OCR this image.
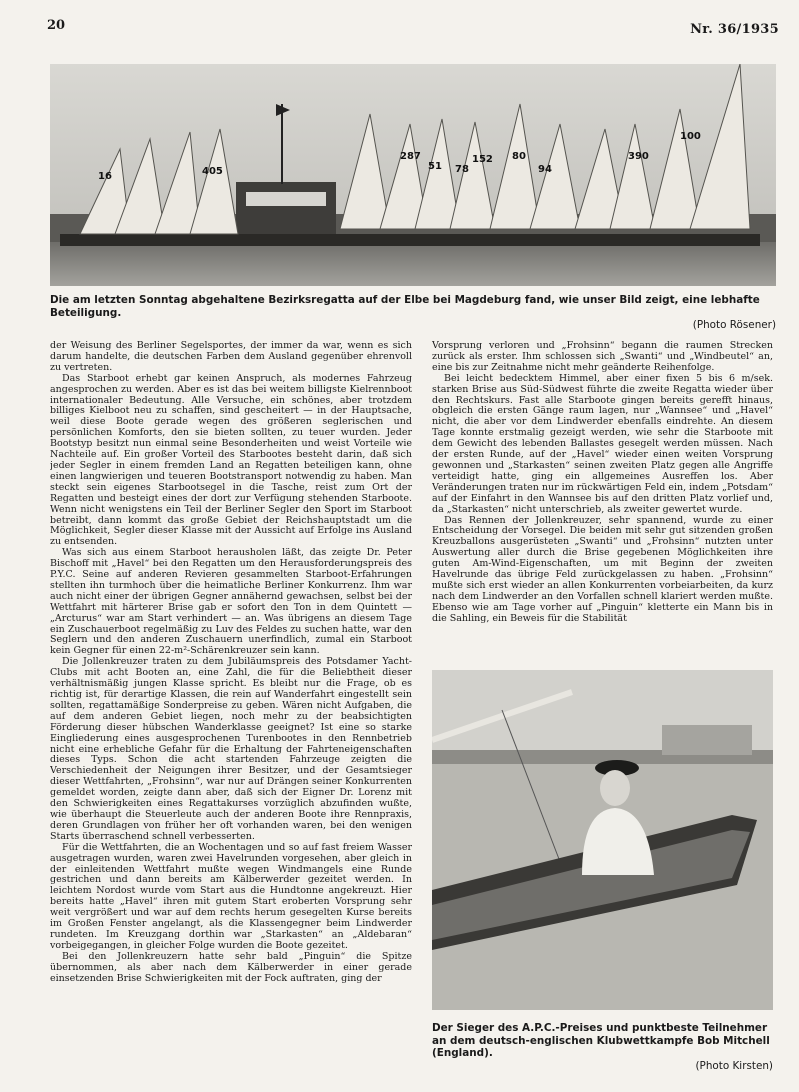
20	Nr. 36/1935
16	405
287
51 78
152 80
94
390
100

Die am letzten Sonntag abgehaltene Bezirksregatta auf der Elbe bei Magdeburg fand, wie unser Bild zeigt, eine lebhafte Beteiligung.
(Photo Rösener)

der Weisung des Berliner Segelsportes, der immer da war, wenn es sich darum handelte, die deutschen Farben dem Ausland gegenüber ehrenvoll zu vertreten.

Das Starboot erhebt gar keinen Anspruch, als modernes Fahrzeug angesprochen zu werden. Aber es ist das bei weitem billigste Kielrennboot internationaler Bedeutung. Alle Versuche, ein schönes, aber trotzdem billiges Kielboot neu zu schaffen, sind gescheitert — in der Hauptsache, weil diese Boote gerade wegen des größeren seglerischen und persönlichen Komforts, den sie bieten sollten, zu teuer wurden. Jeder Bootstyp besitzt nun einmal seine Besonderheiten und weist Vorteile wie Nachteile auf. Ein großer Vorteil des Starbootes besteht darin, daß sich jeder Segler in einem fremden Land an Regatten beteiligen kann, ohne einen langwierigen und teueren Bootstransport notwendig zu haben. Man steckt sein eigenes Starbootsegel in die Tasche, reist zum Ort der Regatten und besteigt eines der dort zur Verfügung stehenden Starboote. Wenn nicht wenigstens ein Teil der Berliner Segler den Sport im Starboot betreibt, dann kommt das große Gebiet der Reichshauptstadt um die Möglichkeit, Segler dieser Klasse mit der Aussicht auf Erfolge ins Ausland zu entsenden.

Was sich aus einem Starboot herausholen läßt, das zeigte Dr. Peter Bischoff mit „Havel“ bei den Regatten um den Herausforderungspreis des P.Y.C. Seine auf anderen Revieren gesammelten Starboot-Erfahrungen stellten ihn turmhoch über die heimatliche Berliner Konkurrenz. Ihm war auch nicht einer der übrigen Gegner annähernd gewachsen, selbst bei der Wettfahrt mit härterer Brise gab er sofort den Ton in dem Quintett — „Arcturus“ war am Start verhindert — an. Was übrigens an diesem Tage ein Zuschauerboot regelmäßig zu Luv des Feldes zu suchen hatte, war den Seglern und den anderen Zuschauern unerfindlich, zumal ein Starboot kein Gegner für einen 22-m²-Schärenkreuzer sein kann.

Die Jollenkreuzer traten zu dem Jubiläumspreis des Potsdamer Yacht-Clubs mit acht Booten an, eine Zahl, die für die Beliebtheit dieser verhältnismäßig jungen Klasse spricht. Es bleibt nur die Frage, ob es richtig ist, für derartige Klassen, die rein auf Wanderfahrt eingestellt sein sollten, regattamäßige Sonderpreise zu geben. Wären nicht Aufgaben, die auf dem anderen Gebiet liegen, noch mehr zu der beabsichtigten Förderung dieser hübschen Wanderklasse geeignet? Ist eine so starke Eingliederung eines ausgesprochenen Turenbootes in den Rennbetrieb nicht eine erhebliche Gefahr für die Erhaltung der Fahrteneigenschaften dieses Typs. Schon die acht startenden Fahrzeuge zeigten die Verschiedenheit der Neigungen ihrer Besitzer, und der Gesamtsieger dieser Wettfahrten, „Frohsinn“, war nur auf Drängen seiner Konkurrenten gemeldet worden, zeigte dann aber, daß sich der Eigner Dr. Lorenz mit den Schwierigkeiten eines Regattakurses vorzüglich abzufinden wußte, wie überhaupt die Steuerleute auch der anderen Boote ihre Rennpraxis, deren Grundlagen von früher her oft vorhanden waren, bei den wenigen Starts überraschend schnell verbesserten.

Für die Wettfahrten, die an Wochentagen und so auf fast freiem Wasser ausgetragen wurden, waren zwei Havelrunden vorgesehen, aber gleich in der einleitenden Wettfahrt mußte wegen Windmangels eine Runde gestrichen und dann bereits am Kälberwerder gezeitet werden. In leichtem Nordost wurde vom Start aus die Hundtonne angekreuzt. Hier bereits hatte „Havel“ ihren mit gutem Start eroberten Vorsprung sehr weit vergrößert und war auf dem rechts herum gesegelten Kurse bereits im Großen Fenster angelangt, als die Klassengegner beim Lindwerder rundeten. Im Kreuzgang dorthin war „Starkasten“ an „Aldebaran“ vorbeigegangen, in gleicher Folge wurden die Boote gezeitet.

Bei den Jollenkreuzern hatte sehr bald „Pinguin“ die Spitze übernommen, als aber nach dem Kälberwerder in einer gerade einsetzenden Brise Schwierigkeiten mit der Fock auftraten, ging der

Vorsprung verloren und „Frohsinn“ begann die raumen Strecken zurück als erster. Ihm schlossen sich „Swanti“ und „Windbeutel“ an, eine bis zur Zeitnahme nicht mehr geänderte Reihenfolge.

Bei leicht bedecktem Himmel, aber einer fixen 5 bis 6 m/sek. starken Brise aus Süd-Südwest führte die zweite Regatta wieder über den Rechtskurs. Fast alle Starboote gingen bereits gerefft hinaus, obgleich die ersten Gänge raum lagen, nur „Wannsee“ und „Havel“ nicht, die aber vor dem Lindwerder ebenfalls eindrehte. An diesem Tage konnte erstmalig gezeigt werden, wie sehr die Starboote mit dem Gewicht des lebenden Ballastes gesegelt werden müssen. Nach der ersten Runde, auf der „Havel“ wieder einen weiten Vorsprung gewonnen und „Starkasten“ seinen zweiten Platz gegen alle Angriffe verteidigt hatte, ging ein allgemeines Ausreffen los. Aber Veränderungen traten nur im rückwärtigen Feld ein, indem „Potsdam“ auf der Einfahrt in den Wannsee bis auf den dritten Platz vorlief und, da „Starkasten“ nicht unterschrieb, als zweiter gewertet wurde.

Das Rennen der Jollenkreuzer, sehr spannend, wurde zu einer Entscheidung der Vorsegel. Die beiden mit sehr gut sitzenden großen Kreuzballons ausgerüsteten „Swanti“ und „Frohsinn“ nutzten unter Auswertung aller durch die Brise gegebenen Möglichkeiten ihre guten Am-Wind-Eigenschaften, um mit Beginn der zweiten Havelrunde das übrige Feld zurückgelassen zu haben. „Frohsinn“ mußte sich erst wieder an allen Konkurrenten vorbeiarbeiten, da kurz nach dem Lindwerder an den Vorfallen schnell klariert werden mußte. Ebenso wie am Tage vorher auf „Pinguin“ kletterte ein Mann bis in die Sahling, ein Beweis für die Stabilität

Der Sieger des A.P.C.-Preises und punktbeste Teilnehmer an dem deutsch-englischen Klubwettkampfe Bob Mitchell (England).
(Photo Kirsten)
